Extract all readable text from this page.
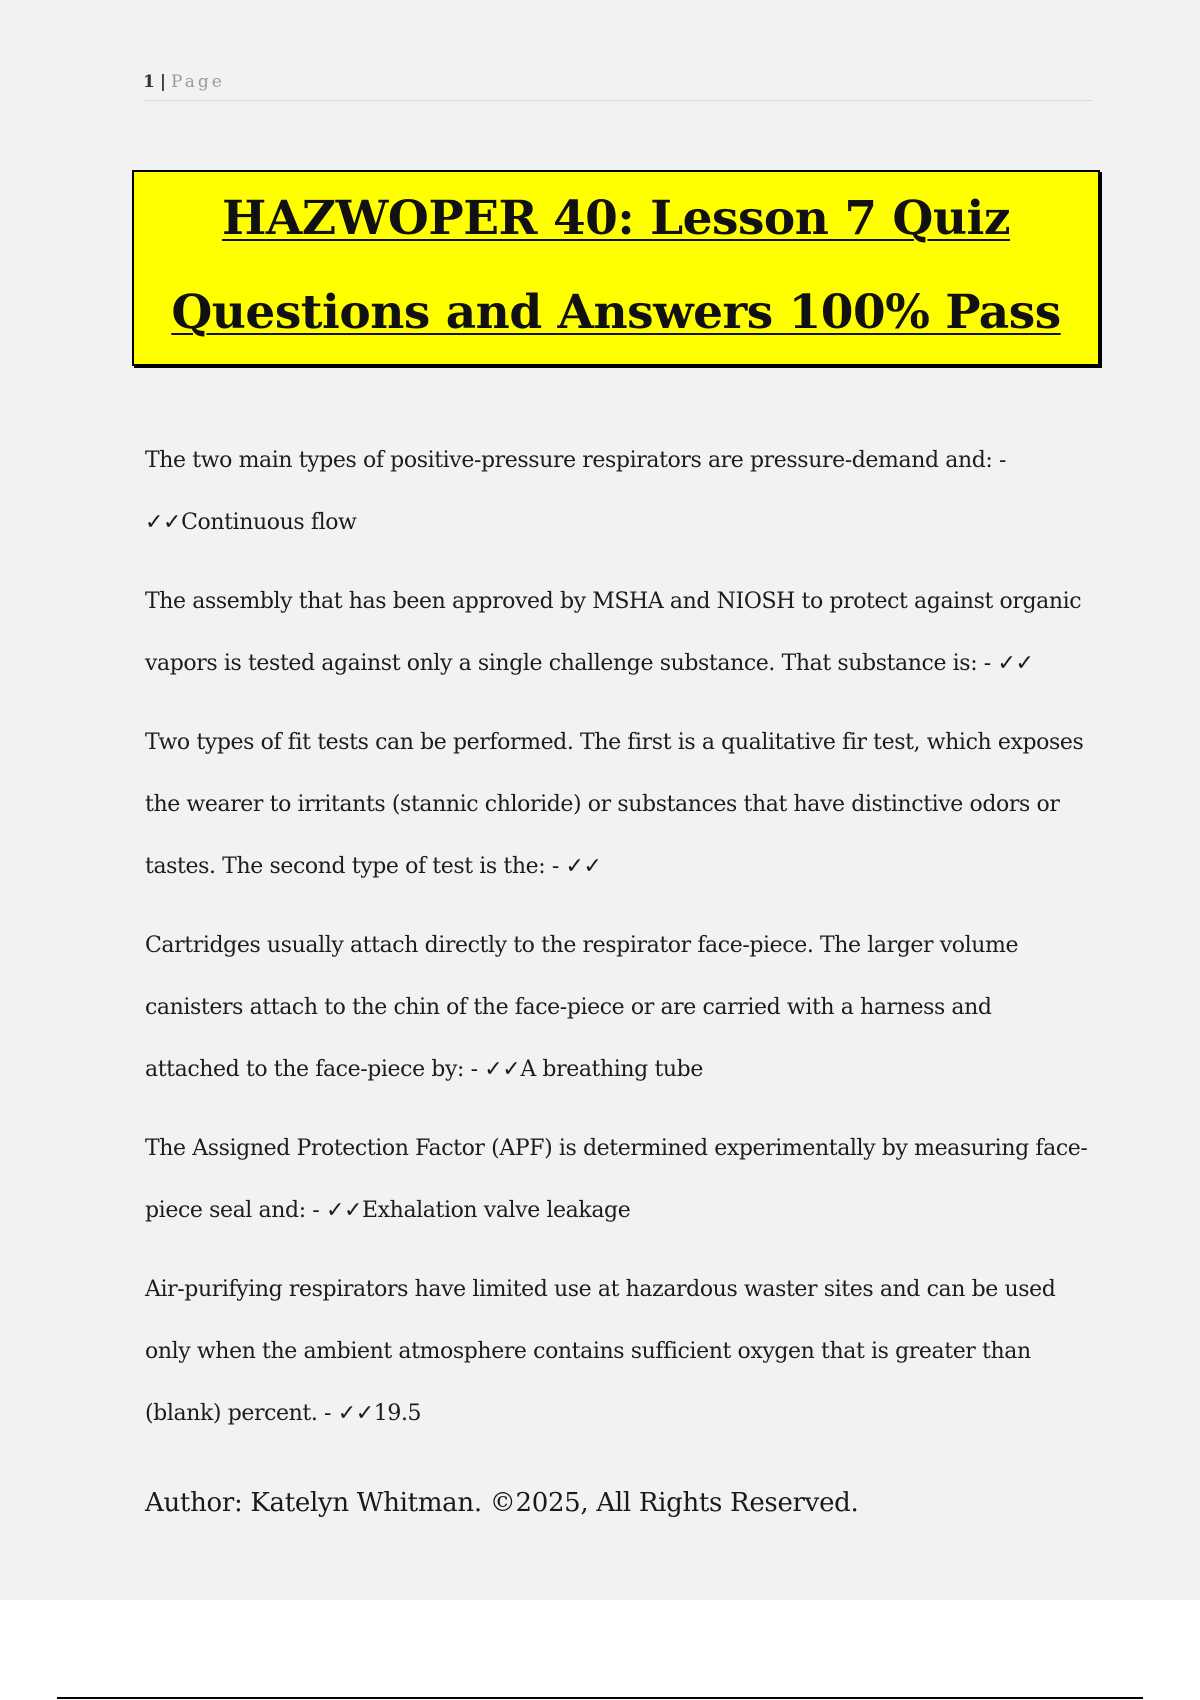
1 | Page
HAZWOPER 40: Lesson 7 Quiz
Questions and Answers 100% Pass

The two main types of positive-pressure respirators are pressure-demand and: - ✓✓Continuous flow

The assembly that has been approved by MSHA and NIOSH to protect against organic vapors is tested against only a single challenge substance. That substance is: - ✓✓

Two types of fit tests can be performed. The first is a qualitative fir test, which exposes the wearer to irritants (stannic chloride) or substances that have distinctive odors or tastes. The second type of test is the: - ✓✓

Cartridges usually attach directly to the respirator face-piece. The larger volume canisters attach to the chin of the face-piece or are carried with a harness and attached to the face-piece by: - ✓✓A breathing tube

The Assigned Protection Factor (APF) is determined experimentally by measuring face-piece seal and: - ✓✓Exhalation valve leakage

Air-purifying respirators have limited use at hazardous waster sites and can be used only when the ambient atmosphere contains sufficient oxygen that is greater than (blank) percent. - ✓✓19.5

Author: Katelyn Whitman. ©2025, All Rights Reserved.
